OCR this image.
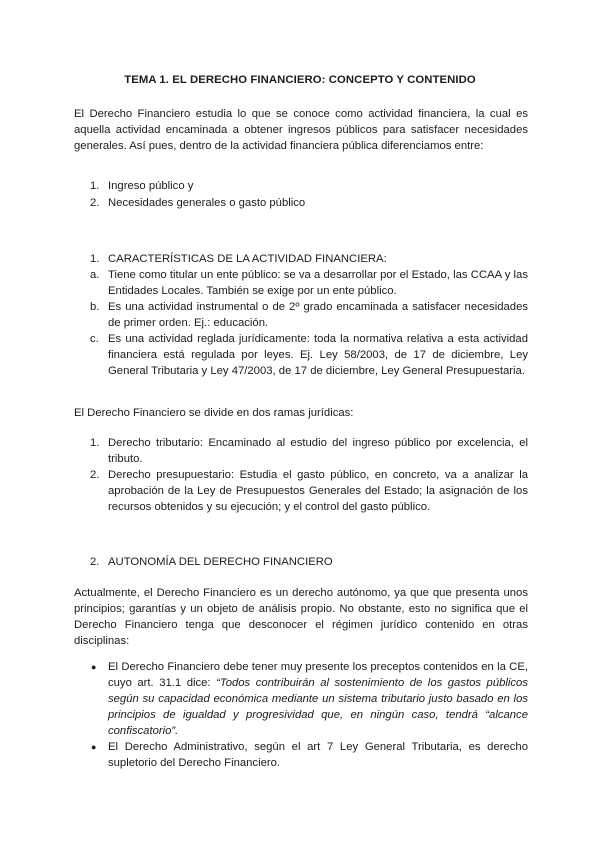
TEMA 1. EL DERECHO FINANCIERO: CONCEPTO Y CONTENIDO
El Derecho Financiero estudia lo que se conoce como actividad financiera, la cual es aquella actividad encaminada a obtener ingresos públicos para satisfacer necesidades generales. Así pues, dentro de la actividad financiera pública diferenciamos entre:
1. Ingreso público y
2. Necesidades generales o gasto público
1. CARACTERÍSTICAS DE LA ACTIVIDAD FINANCIERA:
a. Tiene como titular un ente público: se va a desarrollar por el Estado, las CCAA y las Entidades Locales. También se exige por un ente público.
b. Es una actividad instrumental o de 2º grado encaminada a satisfacer necesidades de primer orden. Ej.: educación.
c. Es una actividad reglada jurídicamente: toda la normativa relativa a esta actividad financiera está regulada por leyes. Ej. Ley 58/2003, de 17 de diciembre, Ley General Tributaria y Ley 47/2003, de 17 de diciembre, Ley General Presupuestaria.
El Derecho Financiero se divide en dos ramas jurídicas:
1. Derecho tributario: Encaminado al estudio del ingreso público por excelencia, el tributo.
2. Derecho presupuestario: Estudia el gasto público, en concreto, va a analizar la aprobación de la Ley de Presupuestos Generales del Estado; la asignación de los recursos obtenidos y su ejecución; y el control del gasto público.
2. AUTONOMÍA DEL DERECHO FINANCIERO
Actualmente, el Derecho Financiero es un derecho autónomo, ya que que presenta unos principios; garantías y un objeto de análisis propio. No obstante, esto no significa que el Derecho Financiero tenga que desconocer el régimen jurídico contenido en otras disciplinas:
● El Derecho Financiero debe tener muy presente los preceptos contenidos en la CE, cuyo art. 31.1 dice: “Todos contribuirán al sostenimiento de los gastos públicos según su capacidad económica mediante un sistema tributario justo basado en los principios de igualdad y progresividad que, en ningún caso, tendrá “alcance confiscatorio”.
● El Derecho Administrativo, según el art 7 Ley General Tributaria, es derecho supletorio del Derecho Financiero.
